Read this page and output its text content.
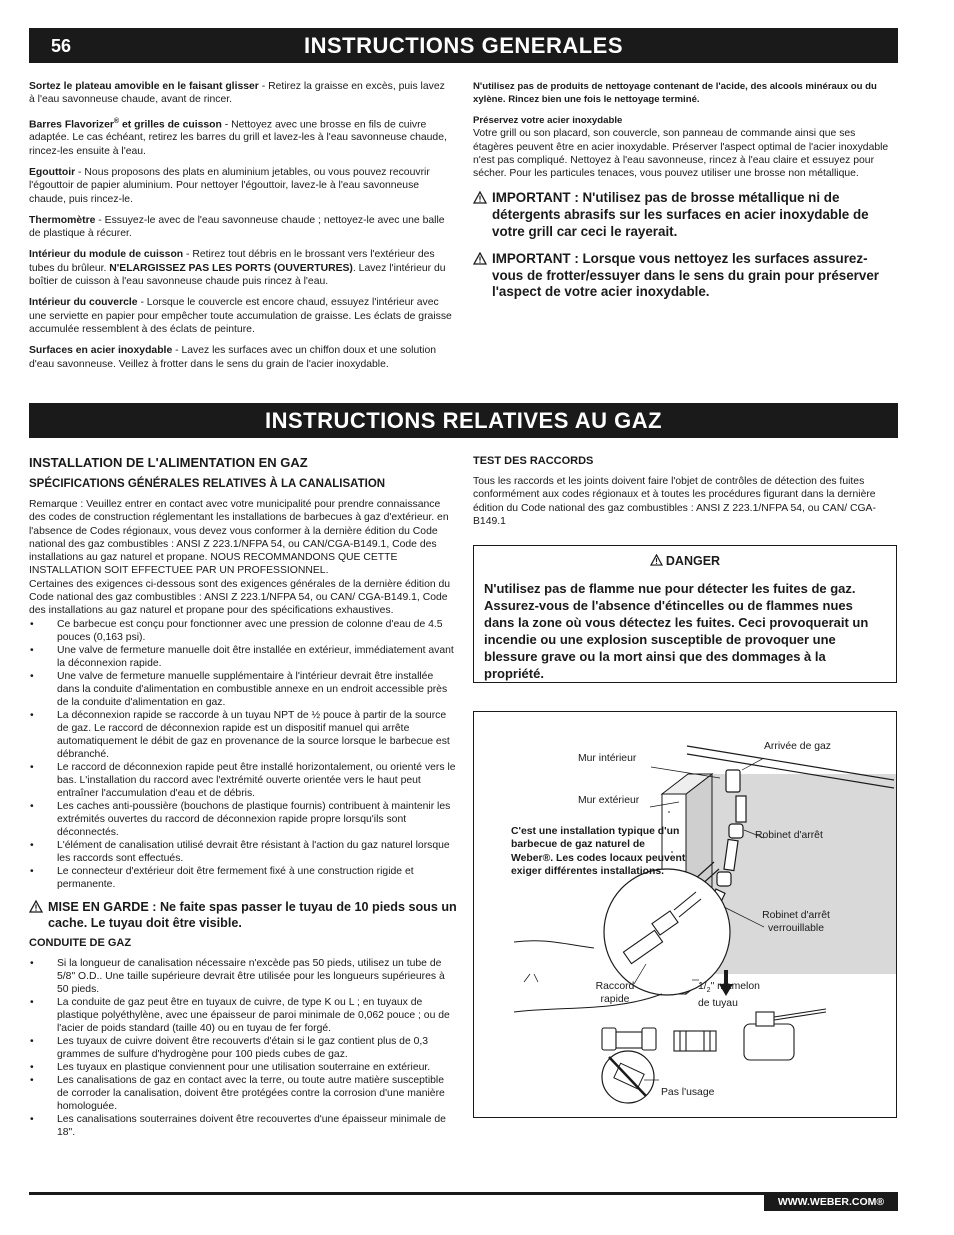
56	INSTRUCTIONS GENERALES

Sortez le plateau amovible en le faisant glisser - Retirez la graisse en excès, puis lavez à l'eau savonneuse chaude, avant de rincer.

Barres Flavorizer® et grilles de cuisson - Nettoyez avec une brosse en fils de cuivre adaptée. Le cas échéant, retirez les barres du grill et lavez-les à l'eau savonneuse chaude, rincez-les ensuite à l'eau.

Egouttoir - Nous proposons des plats en aluminium jetables, ou vous pouvez recouvrir l'égouttoir de papier aluminium. Pour nettoyer l'égouttoir, lavez-le à l'eau savonneuse chaude, puis rincez-le.

Thermomètre - Essuyez-le avec de l'eau savonneuse chaude ; nettoyez-le avec une balle de plastique à récurer.

Intérieur du module de cuisson - Retirez tout débris en le brossant vers l'extérieur des tubes du brûleur. N'ELARGISSEZ PAS LES PORTS (OUVERTURES). Lavez l'intérieur du boîtier de cuisson à l'eau savonneuse chaude puis rincez à l'eau.

Intérieur du couvercle - Lorsque le couvercle est encore chaud, essuyez l'intérieur avec une serviette en papier pour empêcher toute accumulation de graisse. Les éclats de graisse accumulée ressemblent à des éclats de peinture.

Surfaces en acier inoxydable - Lavez les surfaces avec un chiffon doux et une solution d'eau savonneuse. Veillez à frotter dans le sens du grain de l'acier inoxydable.

N'utilisez pas de produits de nettoyage contenant de l'acide, des alcools minéraux ou du xylène. Rincez bien une fois le nettoyage terminé.

Préservez votre acier inoxydable

Votre grill ou son placard, son couvercle, son panneau de commande ainsi que ses étagères peuvent être en acier inoxydable. Préserver l'aspect optimal de l'acier inoxydable n'est pas compliqué. Nettoyez à l'eau savonneuse, rincez à l'eau claire et essuyez pour sécher. Pour les particules tenaces, vous pouvez utiliser une brosse non métallique.

IMPORTANT : N'utilisez pas de brosse métallique ni de détergents abrasifs sur les surfaces en acier inoxydable de votre grill car ceci le rayerait.

IMPORTANT : Lorsque vous nettoyez les surfaces assurez-vous de frotter/essuyer dans le sens du grain pour préserver l'aspect de votre acier inoxydable.

INSTRUCTIONS RELATIVES AU GAZ
INSTALLATION DE L'ALIMENTATION EN GAZ
SPÉCIFICATIONS GÉNÉRALES RELATIVES À LA CANALISATION

Remarque : Veuillez entrer en contact avec votre municipalité pour prendre connaissance des codes de construction réglementant les installations de barbecues à gaz d'extérieur. en l'absence de Codes régionaux, vous devez vous conformer à la dernière édition du Code national des gaz combustibles : ANSI Z 223.1/NFPA 54, ou CAN/CGA-B149.1, Code des installations au gaz naturel et propane. NOUS RECOMMANDONS QUE CETTE INSTALLATION SOIT EFFECTUEE PAR UN PROFESSIONNEL.

Certaines des exigences ci-dessous sont des exigences générales de la dernière édition du Code national des gaz combustibles : ANSI Z 223.1/NFPA 54, ou CAN/ CGA-B149.1, Code des installations au gaz naturel et propane pour des spécifications exhaustives.

• Ce barbecue est conçu pour fonctionner avec une pression de colonne d'eau de 4.5 pouces (0,163 psi).
• Une valve de fermeture manuelle doit être installée en extérieur, immédiatement avant la déconnexion rapide.
• Une valve de fermeture manuelle supplémentaire à l'intérieur devrait être installée dans la conduite d'alimentation en combustible annexe en un endroit accessible près de la conduite d'alimentation en gaz.
• La déconnexion rapide se raccorde à un tuyau NPT de ½ pouce à partir de la source de gaz. Le raccord de déconnexion rapide est un dispositif manuel qui arrête automatiquement le débit de gaz en provenance de la source lorsque le barbecue est débranché.
• Le raccord de déconnexion rapide peut être installé horizontalement, ou orienté vers le bas. L'installation du raccord avec l'extrémité ouverte orientée vers le haut peut entraîner l'accumulation d'eau et de débris.
• Les caches anti-poussière (bouchons de plastique fournis) contribuent à maintenir les extrémités ouvertes du raccord de déconnexion rapide propre lorsqu'ils sont déconnectés.
• L'élément de canalisation utilisé devrait être résistant à l'action du gaz naturel lorsque les raccords sont effectués.
• Le connecteur d'extérieur doit être fermement fixé à une construction rigide et permanente.

MISE EN GARDE : Ne faite spas passer le tuyau de 10 pieds sous un cache. Le tuyau doit être visible.

CONDUITE DE GAZ
• Si la longueur de canalisation nécessaire n'excède pas 50 pieds, utilisez un tube de 5/8" O.D.. Une taille supérieure devrait être utilisée pour les longueurs supérieures à 50 pieds.
• La conduite de gaz peut être en tuyaux de cuivre, de type K ou L ; en tuyaux de plastique polyéthylène, avec une épaisseur de paroi minimale de 0,062 pouce ; ou de l'acier de poids standard (taille 40) ou en tuyau de fer forgé.
• Les tuyaux de cuivre doivent être recouverts d'étain si le gaz contient plus de 0,3 grammes de sulfure d'hydrogène pour 100 pieds cubes de gaz.
• Les tuyaux en plastique conviennent pour une utilisation souterraine en extérieur.
• Les canalisations de gaz en contact avec la terre, ou toute autre matière susceptible de corroder la canalisation, doivent être protégées contre la corrosion d'une manière homologuée.
• Les canalisations souterraines doivent être recouvertes d'une épaisseur minimale de 18".
TEST DES RACCORDS

Tous les raccords et les joints doivent faire l'objet de contrôles de détection des fuites conformément aux codes régionaux et à toutes les procédures figurant dans la dernière édition du Code national des gaz combustibles : ANSI Z 223.1/NFPA 54, ou CAN/ CGA-B149.1

DANGER
N'utilisez pas de flamme nue pour détecter les fuites de gaz. Assurez-vous de l'absence d'étincelles ou de flammes nues dans la zone où vous détectez les fuites. Ceci provoquerait un incendie ou une explosion susceptible de provoquer une blessure grave ou la mort ainsi que des dommages à la propriété.
Mur intérieur
Mur extérieur
Arrivée de gaz
Robinet d'arrêt
Robinet d'arrêt
verrouillable
C'est une installation typique d'un barbecue de gaz naturel de Weber®. Les codes locaux peuvent exiger différentes installations.
Raccord
rapide
$1/_2$" mamelon
de tuyau
Pas l'usage
WWW.WEBER.COM®
